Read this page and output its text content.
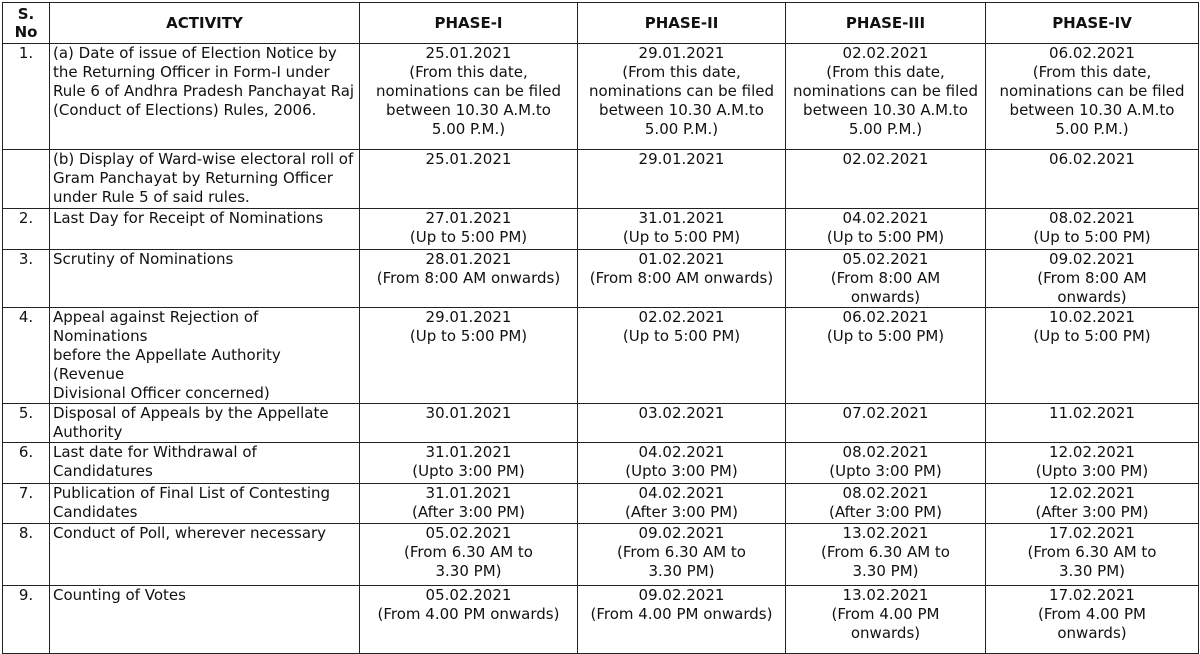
S.
No	ACTIVITY	PHASE-I	PHASE-II	PHASE-III	PHASE-IV
1.	(a) Date of issue of Election Notice by
the Returning Officer in Form-I under
Rule 6 of Andhra Pradesh Panchayat Raj
(Conduct of Elections) Rules, 2006.	25.01.2021
(From this date,
nominations can be filed
between 10.30 A.M.to
5.00 P.M.)	29.01.2021
(From this date,
nominations can be filed
between 10.30 A.M.to
5.00 P.M.)	02.02.2021
(From this date,
nominations can be filed
between 10.30 A.M.to
5.00 P.M.)	06.02.2021
(From this date,
nominations can be filed
between 10.30 A.M.to
5.00 P.M.)
	(b) Display of Ward-wise electoral roll of
Gram Panchayat by Returning Officer
under Rule 5 of said rules.	25.01.2021	29.01.2021	02.02.2021	06.02.2021
2.	Last Day for Receipt of Nominations	27.01.2021
(Up to 5:00 PM)	31.01.2021
(Up to 5:00 PM)	04.02.2021
(Up to 5:00 PM)	08.02.2021
(Up to 5:00 PM)
3.	Scrutiny of Nominations	28.01.2021
(From 8:00 AM onwards)	01.02.2021
(From 8:00 AM onwards)	05.02.2021
(From 8:00 AM
onwards)	09.02.2021
(From 8:00 AM
onwards)
4.	Appeal against Rejection of Nominations
before the Appellate Authority (Revenue
Divisional Officer concerned)	29.01.2021
(Up to 5:00 PM)	02.02.2021
(Up to 5:00 PM)	06.02.2021
(Up to 5:00 PM)	10.02.2021
(Up to 5:00 PM)
5.	Disposal of Appeals by the Appellate
Authority	30.01.2021	03.02.2021	07.02.2021	11.02.2021
6.	Last date for Withdrawal of Candidatures	31.01.2021
(Upto 3:00 PM)	04.02.2021
(Upto 3:00 PM)	08.02.2021
(Upto 3:00 PM)	12.02.2021
(Upto 3:00 PM)
7.	Publication of Final List of Contesting
Candidates	31.01.2021
(After 3:00 PM)	04.02.2021
(After 3:00 PM)	08.02.2021
(After 3:00 PM)	12.02.2021
(After 3:00 PM)
8.	Conduct of Poll, wherever necessary	05.02.2021
(From 6.30 AM to
3.30 PM)	09.02.2021
(From 6.30 AM to
3.30 PM)	13.02.2021
(From 6.30 AM to
3.30 PM)	17.02.2021
(From 6.30 AM to
3.30 PM)
9.	Counting of Votes	05.02.2021
(From 4.00 PM onwards)	09.02.2021
(From 4.00 PM onwards)	13.02.2021
(From 4.00 PM
onwards)	17.02.2021
(From 4.00 PM
onwards)
